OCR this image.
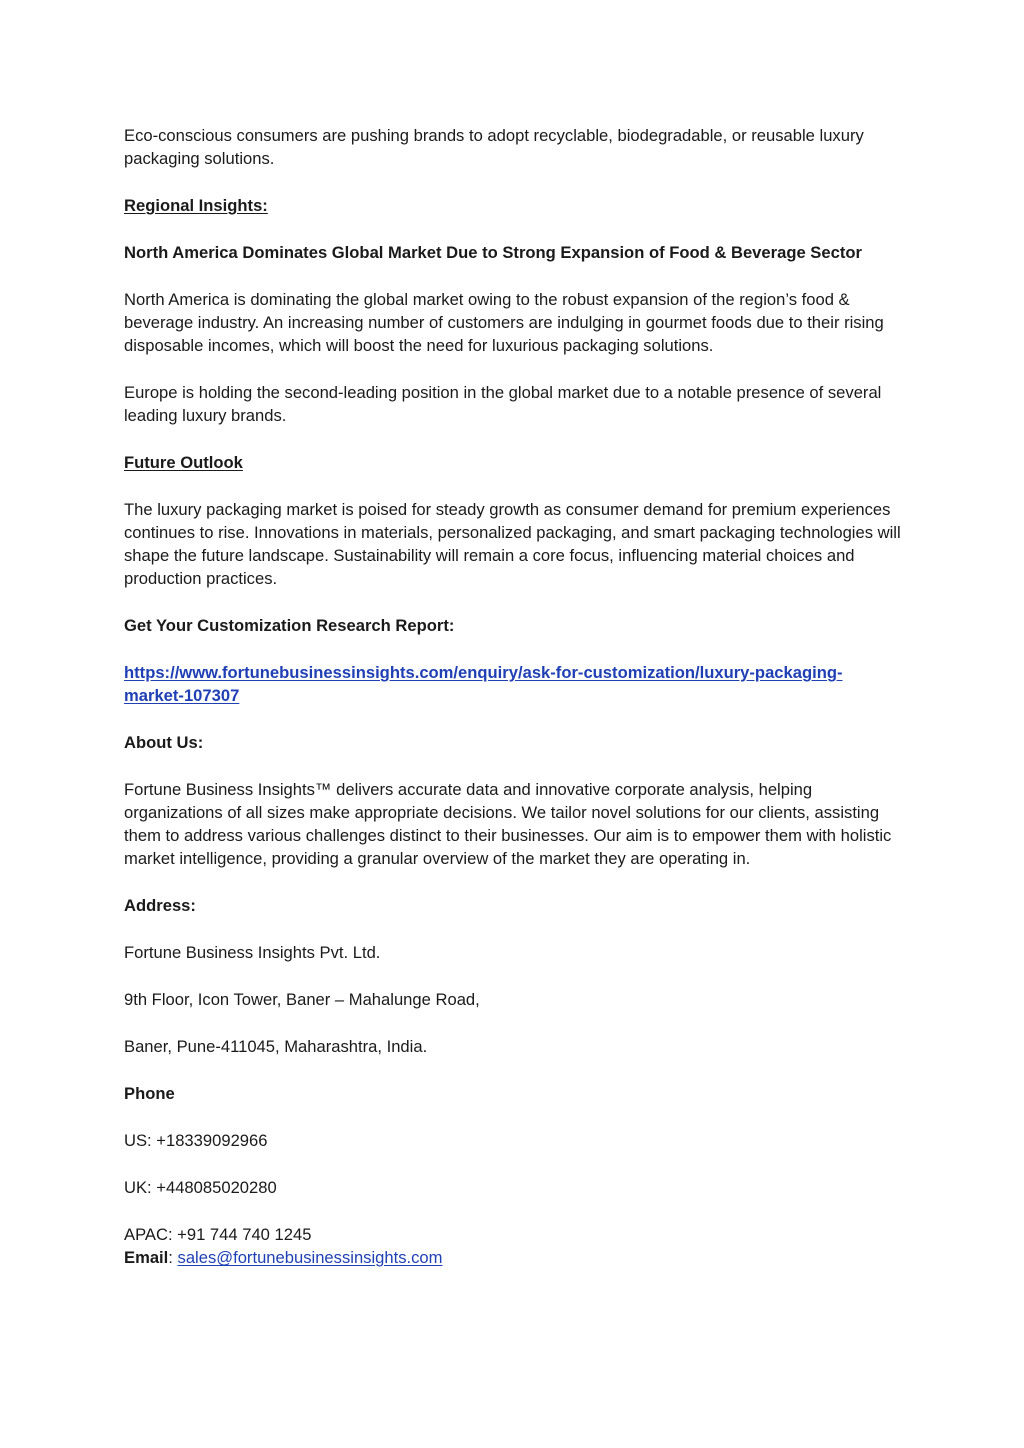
Eco-conscious consumers are pushing brands to adopt recyclable, biodegradable, or reusable luxury packaging solutions.

Regional Insights:

North America Dominates Global Market Due to Strong Expansion of Food & Beverage Sector

North America is dominating the global market owing to the robust expansion of the region’s food & beverage industry. An increasing number of customers are indulging in gourmet foods due to their rising disposable incomes, which will boost the need for luxurious packaging solutions.

Europe is holding the second-leading position in the global market due to a notable presence of several leading luxury brands.

Future Outlook

The luxury packaging market is poised for steady growth as consumer demand for premium experiences continues to rise. Innovations in materials, personalized packaging, and smart packaging technologies will shape the future landscape. Sustainability will remain a core focus, influencing material choices and production practices.

Get Your Customization Research Report:

https://www.fortunebusinessinsights.com/enquiry/ask-for-customization/luxury-packaging-
market-107307

About Us:

Fortune Business Insights™ delivers accurate data and innovative corporate analysis, helping organizations of all sizes make appropriate decisions. We tailor novel solutions for our clients, assisting them to address various challenges distinct to their businesses. Our aim is to empower them with holistic market intelligence, providing a granular overview of the market they are operating in.

Address:

Fortune Business Insights Pvt. Ltd.

9th Floor, Icon Tower, Baner – Mahalunge Road,

Baner, Pune-411045, Maharashtra, India.

Phone

US: +18339092966

UK: +448085020280

APAC: +91 744 740 1245

Email: sales@fortunebusinessinsights.com
